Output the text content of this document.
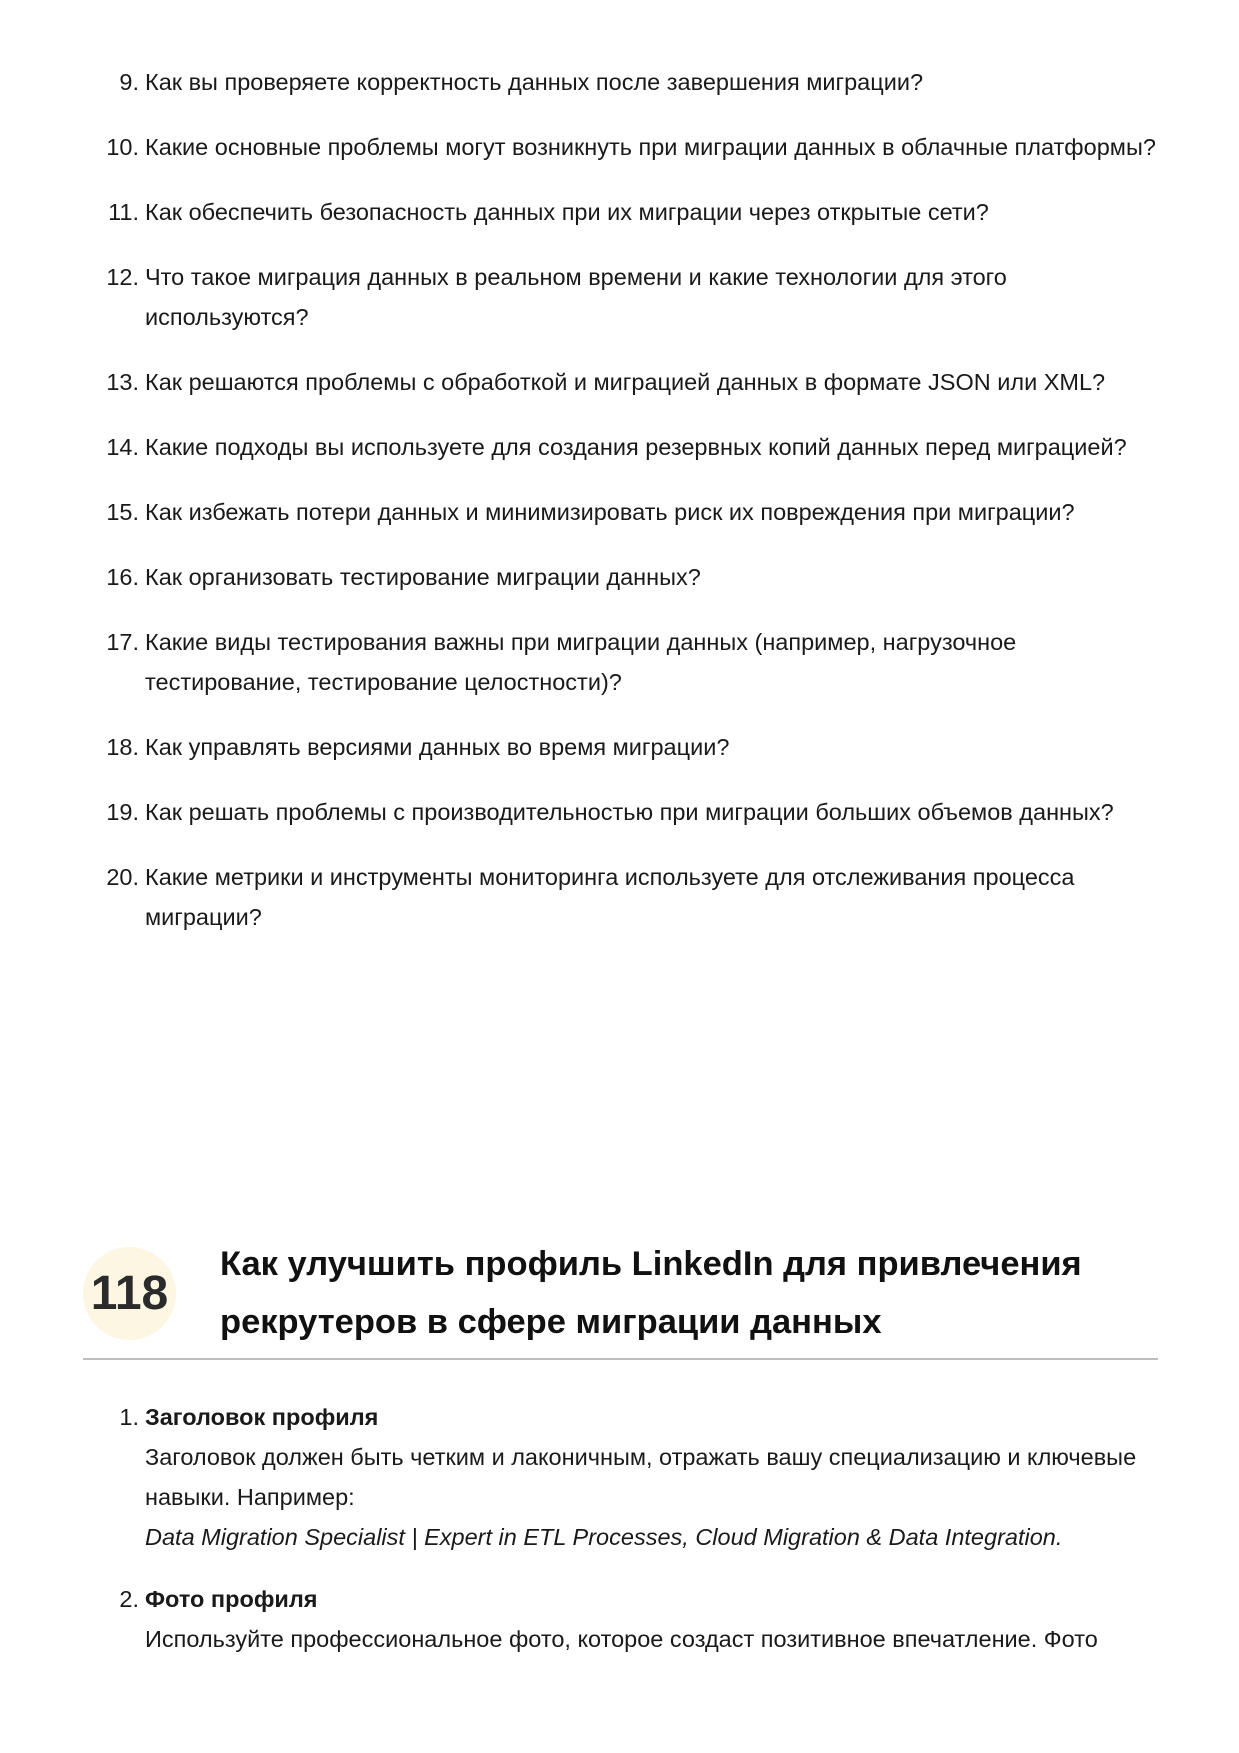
9. Как вы проверяете корректность данных после завершения миграции?
10. Какие основные проблемы могут возникнуть при миграции данных в облачные платформы?
11. Как обеспечить безопасность данных при их миграции через открытые сети?
12. Что такое миграция данных в реальном времени и какие технологии для этого используются?
13. Как решаются проблемы с обработкой и миграцией данных в формате JSON или XML?
14. Какие подходы вы используете для создания резервных копий данных перед миграцией?
15. Как избежать потери данных и минимизировать риск их повреждения при миграции?
16. Как организовать тестирование миграции данных?
17. Какие виды тестирования важны при миграции данных (например, нагрузочное тестирование, тестирование целостности)?
18. Как управлять версиями данных во время миграции?
19. Как решать проблемы с производительностью при миграции больших объемов данных?
20. Какие метрики и инструменты мониторинга используете для отслеживания процесса миграции?
118
Как улучшить профиль LinkedIn для привлечения
рекрутеров в сфере миграции данных
1. Заголовок профиля
Заголовок должен быть четким и лаконичным, отражать вашу специализацию и ключевые навыки. Например:
Data Migration Specialist | Expert in ETL Processes, Cloud Migration & Data Integration.
2. Фото профиля
Используйте профессиональное фото, которое создаст позитивное впечатление. Фото
